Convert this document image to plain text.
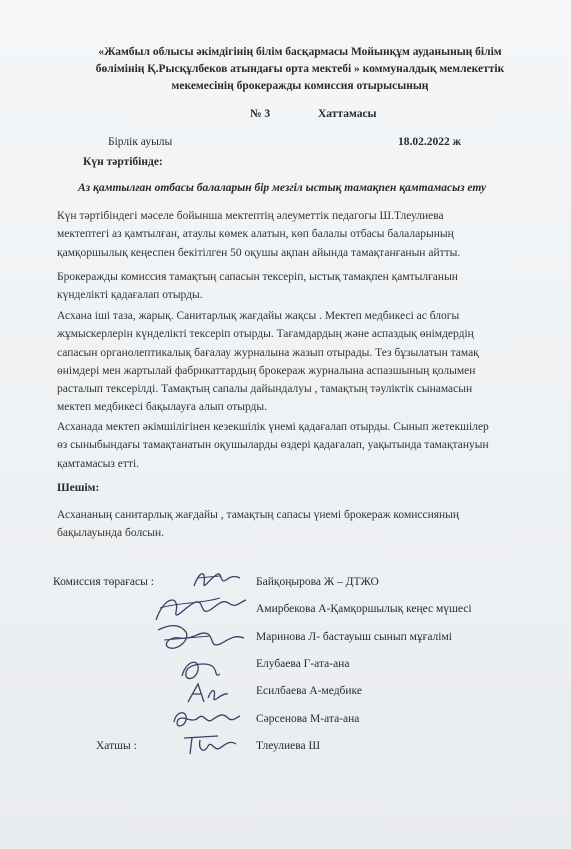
«Жамбыл облысы әкімдігінің білім басқармасы Мойынқұм ауданының білім
бөлімінің Қ.Рысқұлбеков атындағы орта мектебі » коммуналдық мемлекеттік
мекемесінің брокеражды комиссия отырысының
№ 3	Хаттамасы
Бірлік ауылы	18.02.2022 ж
Күн тәртібінде:
Аз қамтылған отбасы балаларын бір мезгіл ыстық тамақпен қамтамасыз ету
Күн тәртібіндегі мәселе бойынша мектептің әлеуметтік педагогы Ш.Тлеулиева
мектептегі аз қамтылған, атаулы көмек алатын, көп балалы отбасы балаларының
қамқоршылық кеңеспен бекітілген 50 оқушы ақпан айында тамақтанғанын айтты.
Брокеражды комиссия тамақтың сапасын тексеріп, ыстық тамақпен қамтылғанын
күнделікті қадағалап отырды.
Асхана іші таза, жарық. Санитарлық жағдайы жақсы . Мектеп медбикесі ас блогы
жұмыскерлерін күнделікті тексеріп отырды. Тағамдардың және аспаздық өнімдердің
сапасын органолептикалық бағалау журналына жазып отырады. Тез бұзылатын тамақ
өнімдері мен жартылай фабрикаттардың брокераж журналына аспазшының қолымен
расталып тексерілді. Тамақтың сапалы дайындалуы , тамақтың тәуліктік сынамасын
мектеп медбикесі бақылауға алып отырды.
Асханада мектеп әкімшілігінен кезекшілік үнемі қадағалап отырды. Сынып жетекшілер
өз сыныбындағы тамақтанатын оқушыларды өздері қадағалап, уақытында тамақтануын
қамтамасыз етті.
Шешім:
Асхананың санитарлық жағдайы , тамақтың сапасы үнемі брокераж комиссияның
бақылауында болсын.
Комиссия төрағасы :
Хатшы :
Байқоңырова Ж – ДТЖО
Амирбекова А-Қамқоршылық кеңес мүшесі
Маринова Л- бастауыш сынып мұғалімі
Елубаева Г-ата-ана
Есилбаева А-медбике
Сәрсенова М-ата-ана
Тлеулиева Ш
